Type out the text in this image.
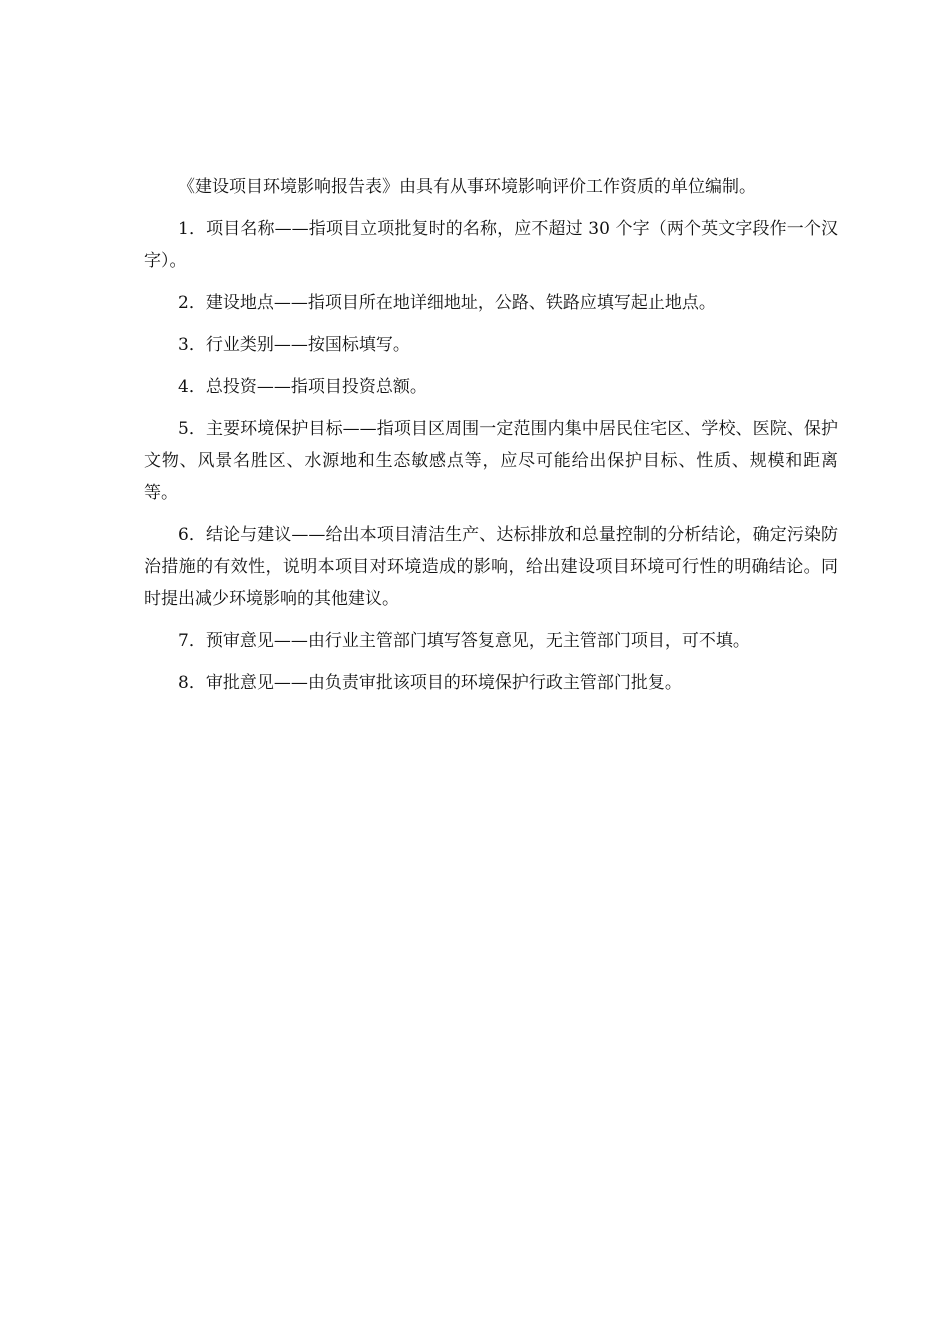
《建设项目环境影响报告表》由具有从事环境影响评价工作资质的单位编制。

1．项目名称——指项目立项批复时的名称，应不超过 30 个字（两个英文字段作一个汉字）。

2．建设地点——指项目所在地详细地址，公路、铁路应填写起止地点。

3．行业类别——按国标填写。

4．总投资——指项目投资总额。

5．主要环境保护目标——指项目区周围一定范围内集中居民住宅区、学校、医院、保护文物、风景名胜区、水源地和生态敏感点等，应尽可能给出保护目标、性质、规模和距离等。

6．结论与建议——给出本项目清洁生产、达标排放和总量控制的分析结论，确定污染防治措施的有效性，说明本项目对环境造成的影响，给出建设项目环境可行性的明确结论。同时提出减少环境影响的其他建议。

7．预审意见——由行业主管部门填写答复意见，无主管部门项目，可不填。

8．审批意见——由负责审批该项目的环境保护行政主管部门批复。
